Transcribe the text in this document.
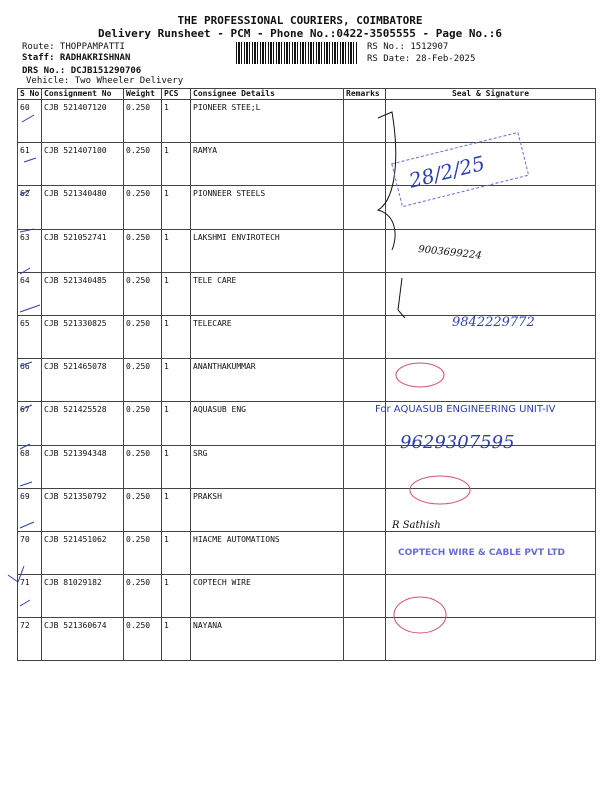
THE PROFESSIONAL COURIERS, COIMBATORE
Delivery Runsheet - PCM - Phone No.:0422-3505555 - Page No.:6
Route: THOPPAMPATTI
Staff: RADHAKRISHNAN
DRS No.: DCJB151290706
Vehicle: Two Wheeler Delivery
RS No.: 1512907
RS Date: 28-Feb-2025
S No	Consignment No	Weight	PCS	Consignee Details	Remarks	Seal & Signature
60	CJB 521407120	0.250	1	PIONEER STEE;L		
61	CJB 521407100	0.250	1	RAMYA		
62	CJB 521340480	0.250	1	PIONNEER STEELS		
63	CJB 521052741	0.250	1	LAKSHMI ENVIROTECH		
64	CJB 521340485	0.250	1	TELE CARE		
65	CJB 521330825	0.250	1	TELECARE		
66	CJB 521465078	0.250	1	ANANTHAKUMMAR		
67	CJB 521425528	0.250	1	AQUASUB ENG		
68	CJB 521394348	0.250	1	SRG		
69	CJB 521350792	0.250	1	PRAKSH		
70	CJB 521451062	0.250	1	HIACME AUTOMATIONS		
71	CJB 81029182	0.250	1	COPTECH WIRE		
72	CJB 521360674	0.250	1	NAYANA		
28/2/25
9003699224
9842229772
For AQUASUB ENGINEERING UNIT-IV
9629307595
R Sathish
COPTECH WIRE & CABLE PVT LTD
